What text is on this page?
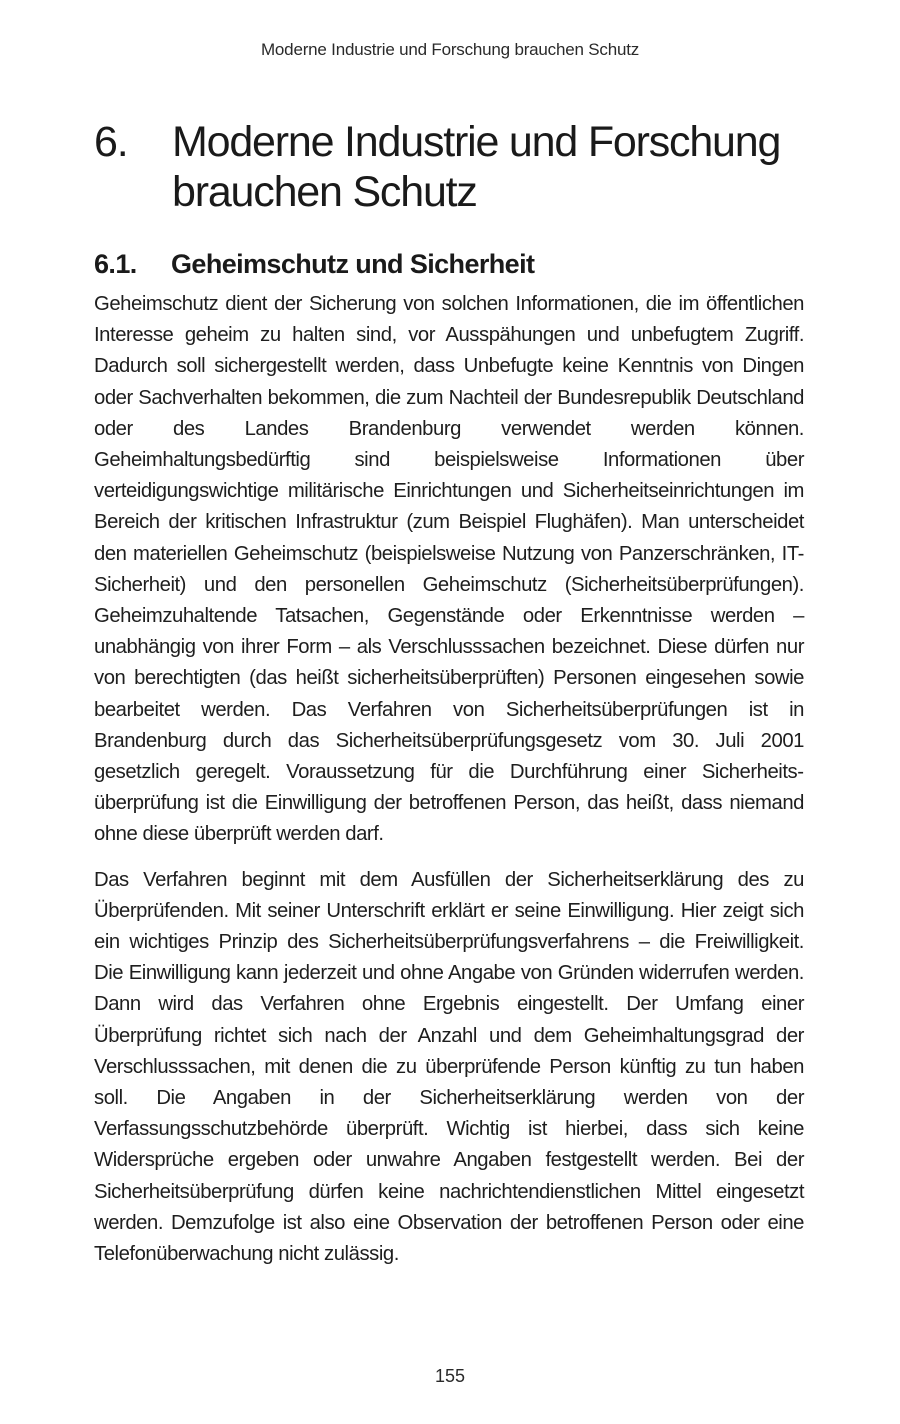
Moderne Industrie und Forschung brauchen Schutz
6.	Moderne Industrie und Forschung brauchen Schutz
6.1.	Geheimschutz und Sicherheit

Geheimschutz dient der Sicherung von solchen Informationen, die im öffentlichen Interesse geheim zu halten sind, vor Ausspähungen und unbefugtem Zugriff. Dadurch soll sichergestellt werden, dass Unbefugte keine Kenntnis von Dingen oder Sachverhalten bekommen, die zum Nachteil der Bundesrepublik Deutschland oder des Landes Brandenburg verwendet werden können. Geheimhaltungsbedürftig sind beispielsweise Informationen über verteidigungswichtige militärische Einrichtungen und Sicherheitseinrichtungen im Bereich der kritischen Infrastruktur (zum Beispiel Flughäfen). Man unterscheidet den materiellen Geheimschutz (beispielsweise Nutzung von Panzerschränken, IT-Sicherheit) und den personellen Geheimschutz (Sicherheitsüberprüfungen). Geheimzuhaltende Tatsachen, Gegenstände oder Erkenntnisse werden – unabhängig von ihrer Form – als Verschlusssachen bezeichnet. Diese dürfen nur von berechtigten (das heißt sicherheitsüberprüften) Personen eingesehen sowie bearbeitet werden. Das Verfahren von Sicherheitsüberprüfungen ist in Brandenburg durch das Sicherheitsüberprüfungsgesetz vom 30. Juli 2001 gesetzlich geregelt. Voraussetzung für die Durchführung einer Sicherheitsüberprüfung ist die Einwilligung der betroffenen Person, das heißt, dass niemand ohne diese überprüft werden darf.

Das Verfahren beginnt mit dem Ausfüllen der Sicherheitserklärung des zu Überprüfenden. Mit seiner Unterschrift erklärt er seine Einwilligung. Hier zeigt sich ein wichtiges Prinzip des Sicherheitsüberprüfungsverfahrens – die Freiwilligkeit. Die Einwilligung kann jederzeit und ohne Angabe von Gründen widerrufen werden. Dann wird das Verfahren ohne Ergebnis eingestellt. Der Umfang einer Überprüfung richtet sich nach der Anzahl und dem Geheimhaltungsgrad der Verschlusssachen, mit denen die zu überprüfende Person künftig zu tun haben soll. Die Angaben in der Sicherheitserklärung werden von der Verfassungsschutzbehörde überprüft. Wichtig ist hierbei, dass sich keine Widersprüche ergeben oder unwahre Angaben festgestellt werden. Bei der Sicherheitsüberprüfung dürfen keine nachrichtendienstlichen Mittel eingesetzt werden. Demzufolge ist also eine Observation der betroffenen Person oder eine Telefonüberwachung nicht zulässig.

155
